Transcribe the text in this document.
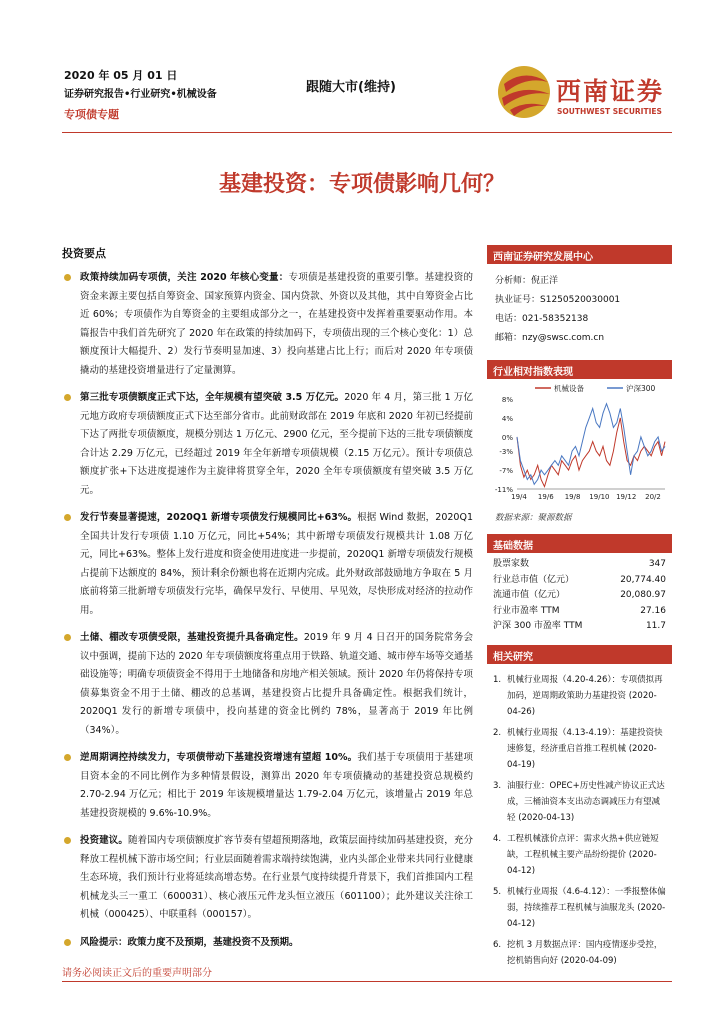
2020 年 05 月 01 日
证券研究报告•行业研究•机械设备
专项债专题
跟随大市(维持)	西南证券
SOUTHWEST SECURITIES
基建投资：专项债影响几何？
投资要点
政策持续加码专项债，关注 2020 年核心变量：专项债是基建投资的重要引擎。基建投资的资金来源主要包括自筹资金、国家预算内资金、国内贷款、外资以及其他，其中自筹资金占比近 60%；专项债作为自筹资金的主要组成部分之一，在基建投资中发挥着重要驱动作用。本篇报告中我们首先研究了 2020 年在政策的持续加码下，专项债出现的三个核心变化：1）总额度预计大幅提升、2）发行节奏明显加速、3）投向基建占比上行；而后对 2020 年专项债撬动的基建投资增量进行了定量测算。
第三批专项债额度正式下达，全年规模有望突破 3.5 万亿元。2020 年 4 月，第三批 1 万亿元地方政府专项债额度正式下达至部分省市。此前财政部在 2019 年底和 2020 年初已经提前下达了两批专项债额度，规模分别达 1 万亿元、2900 亿元，至今提前下达的三批专项债额度合计达 2.29 万亿元，已经超过 2019 年全年新增专项债规模（2.15 万亿元）。预计专项债总额度扩张+下达进度提速作为主旋律将贯穿全年，2020 全年专项债额度有望突破 3.5 万亿元。
发行节奏显著提速，2020Q1 新增专项债发行规模同比+63%。根据 Wind 数据，2020Q1 全国共计发行专项债 1.10 万亿元，同比+54%；其中新增专项债发行规模共计 1.08 万亿元，同比+63%。整体上发行进度和资金使用进度进一步提前，2020Q1 新增专项债发行规模占提前下达额度的 84%，预计剩余份额也将在近期内完成。此外财政部鼓励地方争取在 5 月底前将第三批新增专项债发行完毕，确保早发行、早使用、早见效，尽快形成对经济的拉动作用。
土储、棚改专项债受限，基建投资提升具备确定性。2019 年 9 月 4 日召开的国务院常务会议中强调，提前下达的 2020 年专项债额度将重点用于铁路、轨道交通、城市停车场等交通基础设施等；明确专项债资金不得用于土地储备和房地产相关领域。预计 2020 年仍将保持专项债募集资金不用于土储、棚改的总基调，基建投资占比提升具备确定性。根据我们统计，2020Q1 发行的新增专项债中，投向基建的资金比例约 78%，显著高于 2019 年比例（34%）。
逆周期调控持续发力，专项债带动下基建投资增速有望超 10%。我们基于专项债用于基建项目资本金的不同比例作为多种情景假设，测算出 2020 年专项债撬动的基建投资总规模约 2.70-2.94 万亿元；相比于 2019 年该规模增量达 1.79-2.04 万亿元，该增量占 2019 年总基建投资规模的 9.6%-10.9%。
投资建议。随着国内专项债额度扩容节奏有望超预期落地，政策层面持续加码基建投资，充分释放工程机械下游市场空间；行业层面随着需求端持续饱满，业内头部企业带来共同行业健康生态环境，我们预计行业将延续高增态势。在行业景气度持续提升背景下，我们首推国内工程机械龙头三一重工（600031）、核心液压元件龙头恒立液压（601100）；此外建议关注徐工机械（000425）、中联重科（000157）。
风险提示：政策力度不及预期，基建投资不及预期。
西南证券研究发展中心
分析师：倪正洋
执业证号：S1250520030001
电话：021-58352138
邮箱：nzy@swsc.com.cn
行业相对指数表现
机械设备	沪深300
8%
4%
0%
-3%
-7%
-11%
19/4 19/6 19/8 19/10 19/12 20/2
数据来源：聚源数据
基础数据
股票家数	347
行业总市值（亿元）	20,774.40
流通市值（亿元）	20,080.97
行业市盈率 TTM	27.16
沪深 300 市盈率 TTM	11.7
相关研究
1. 机械行业周报（4.20-4.26）：专项债拟再加码，逆周期政策助力基建投资 (2020-04-26)
2. 机械行业周报（4.13-4.19）：基建投资快速修复，经济重启首推工程机械 (2020-04-19)
3. 油服行业：OPEC+历史性减产协议正式达成，三桶油资本支出动态调减压力有望减轻 (2020-04-13)
4. 工程机械涨价点评：需求火热+供应链短缺，工程机械主要产品纷纷提价 (2020-04-12)
5. 机械行业周报（4.6-4.12）：一季报整体偏弱，持续推荐工程机械与油服龙头 (2020-04-12)
6. 挖机 3 月数据点评：国内疫情逐步受控，挖机销售向好 (2020-04-09)
请务必阅读正文后的重要声明部分
